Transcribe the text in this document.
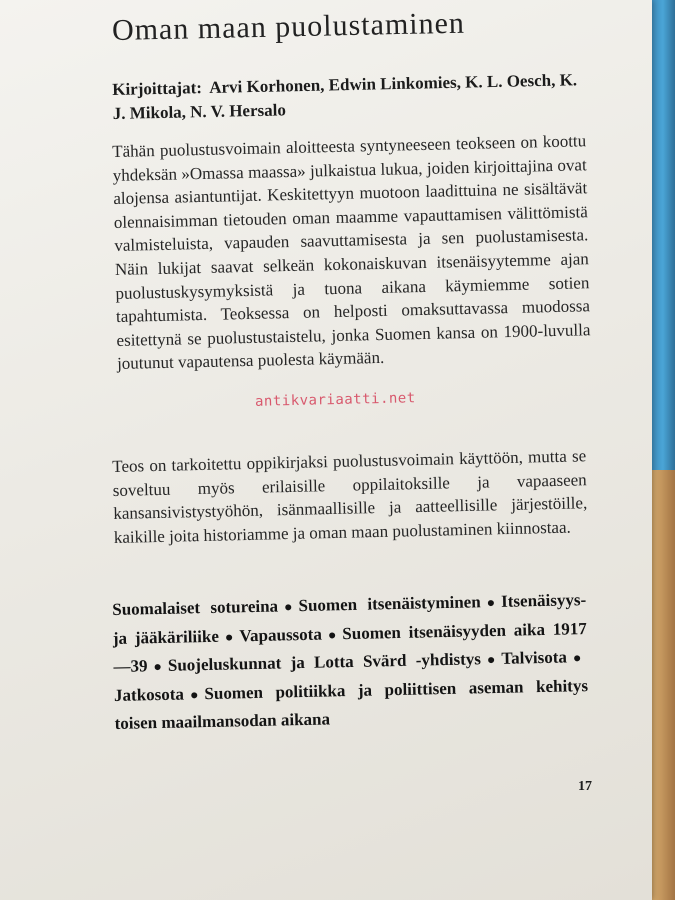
Oman maan puolustaminen
Kirjoittajat: Arvi Korhonen, Edwin Linkomies, K. L. Oesch, K. J. Mikola, N. V. Hersalo

Tähän puolustusvoimain aloitteesta syntyneeseen teokseen on koottu yhdeksän »Omassa maassa» julkaistua lukua, joiden kirjoittajina ovat alojensa asiantuntijat. Keskitettyyn muotoon laadittuina ne sisältävät olennaisimman tietouden oman maamme vapauttamisen välittömistä valmisteluista, vapauden saavuttamisesta ja sen puolustamisesta. Näin lukijat saavat selkeän kokonaiskuvan itsenäisyytemme ajan puolustuskysymyksistä ja tuona aikana käymiemme sotien tapahtumista. Teoksessa on helposti omaksuttavassa muodossa esitettynä se puolustustaistelu, jonka Suomen kansa on 1900-luvulla joutunut vapautensa puolesta käymään.

antikvariaatti.net

Teos on tarkoitettu oppikirjaksi puolustusvoimain käyttöön, mutta se soveltuu myös erilaisille oppilaitoksille ja vapaaseen kansansivistystyöhön, isänmaallisille ja aatteellisille järjestöille, kaikille joita historiamme ja oman maan puolustaminen kiinnostaa.

Suomalaiset sotureina ● Suomen itsenäistyminen ● Itsenäisyys- ja jääkäriliike ● Vapaussota ● Suomen itsenäisyyden aika 1917—39 ● Suojeluskunnat ja Lotta Svärd -yhdistys ● Talvisota ●Jatkosota ● Suomen politiikka ja poliittisen aseman kehitys toisen maailmansodan aikana

17
